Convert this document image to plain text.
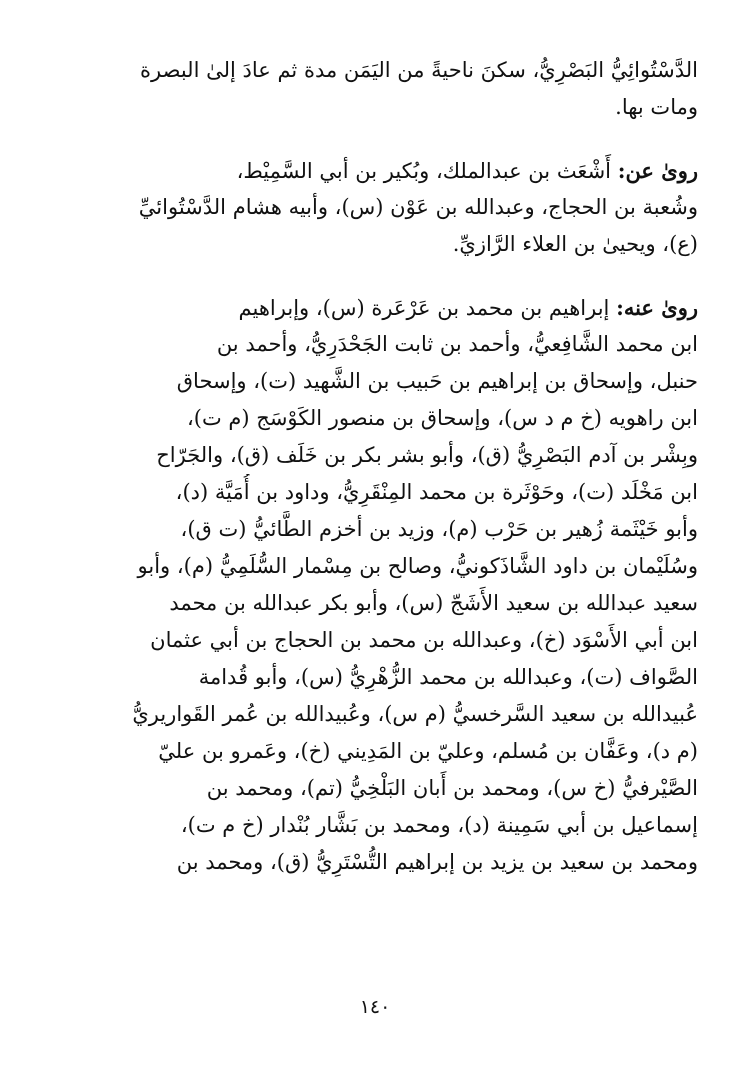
الدَّسْتُوائِيُّ البَصْرِيُّ، سكنَ ناحيةً من اليَمَن مدة ثم عادَ إلىٰ البصرة
ومات بها.
روىٰ عن: أَشْعَث بن عبدالملك، وبُكير بن أبي السَّمِيْط،
وشُعبة بن الحجاج، وعبدالله بن عَوْن (س)، وأبيه هشام الدَّسْتُوائيِّ
(ع)، ويحيىٰ بن العلاء الرَّازيِّ.
روىٰ عنه: إبراهيم بن محمد بن عَرْعَرة (س)، وإبراهيم
ابن محمد الشَّافِعيُّ، وأحمد بن ثابت الجَحْدَرِيُّ، وأحمد بن
حنبل، وإسحاق بن إبراهيم بن حَبيب بن الشَّهيد (ت)، وإسحاق
ابن راهويه (خ م د س)، وإسحاق بن منصور الكَوْسَج (م ت)،
وبِشْر بن آدم البَصْرِيُّ (ق)، وأبو بشر بكر بن خَلَف (ق)، والجَرّاح
ابن مَخْلَد (ت)، وحَوْثَرة بن محمد المِنْقَرِيُّ، وداود بن أُمَيَّة (د)،
وأبو خَيْثَمة زُهير بن حَرْب (م)، وزيد بن أخزم الطَّائيُّ (ت ق)،
وسُلَيْمان بن داود الشَّاذَكونيُّ، وصالح بن مِسْمار السُّلَمِيُّ (م)، وأبو
سعيد عبدالله بن سعيد الأَشَجّ (س)، وأبو بكر عبدالله بن محمد
ابن أبي الأَسْوَد (خ)، وعبدالله بن محمد بن الحجاج بن أبي عثمان
الصَّواف (ت)، وعبدالله بن محمد الزُّهْرِيُّ (س)، وأبو قُدامة
عُبيدالله بن سعيد السَّرخسيُّ (م س)، وعُبيدالله بن عُمر القَواريريُّ
(م د)، وعَفَّان بن مُسلم، وعليّ بن المَدِيني (خ)، وعَمرو بن عليّ
الصَّيْرفيُّ (خ س)، ومحمد بن أَبان البَلْخِيُّ (تم)، ومحمد بن
إسماعيل بن أبي سَمِينة (د)، ومحمد بن بَشَّار بُنْدار (خ م ت)،
ومحمد بن سعيد بن يزيد بن إبراهيم التُّسْتَرِيُّ (ق)، ومحمد بن
١٤٠
